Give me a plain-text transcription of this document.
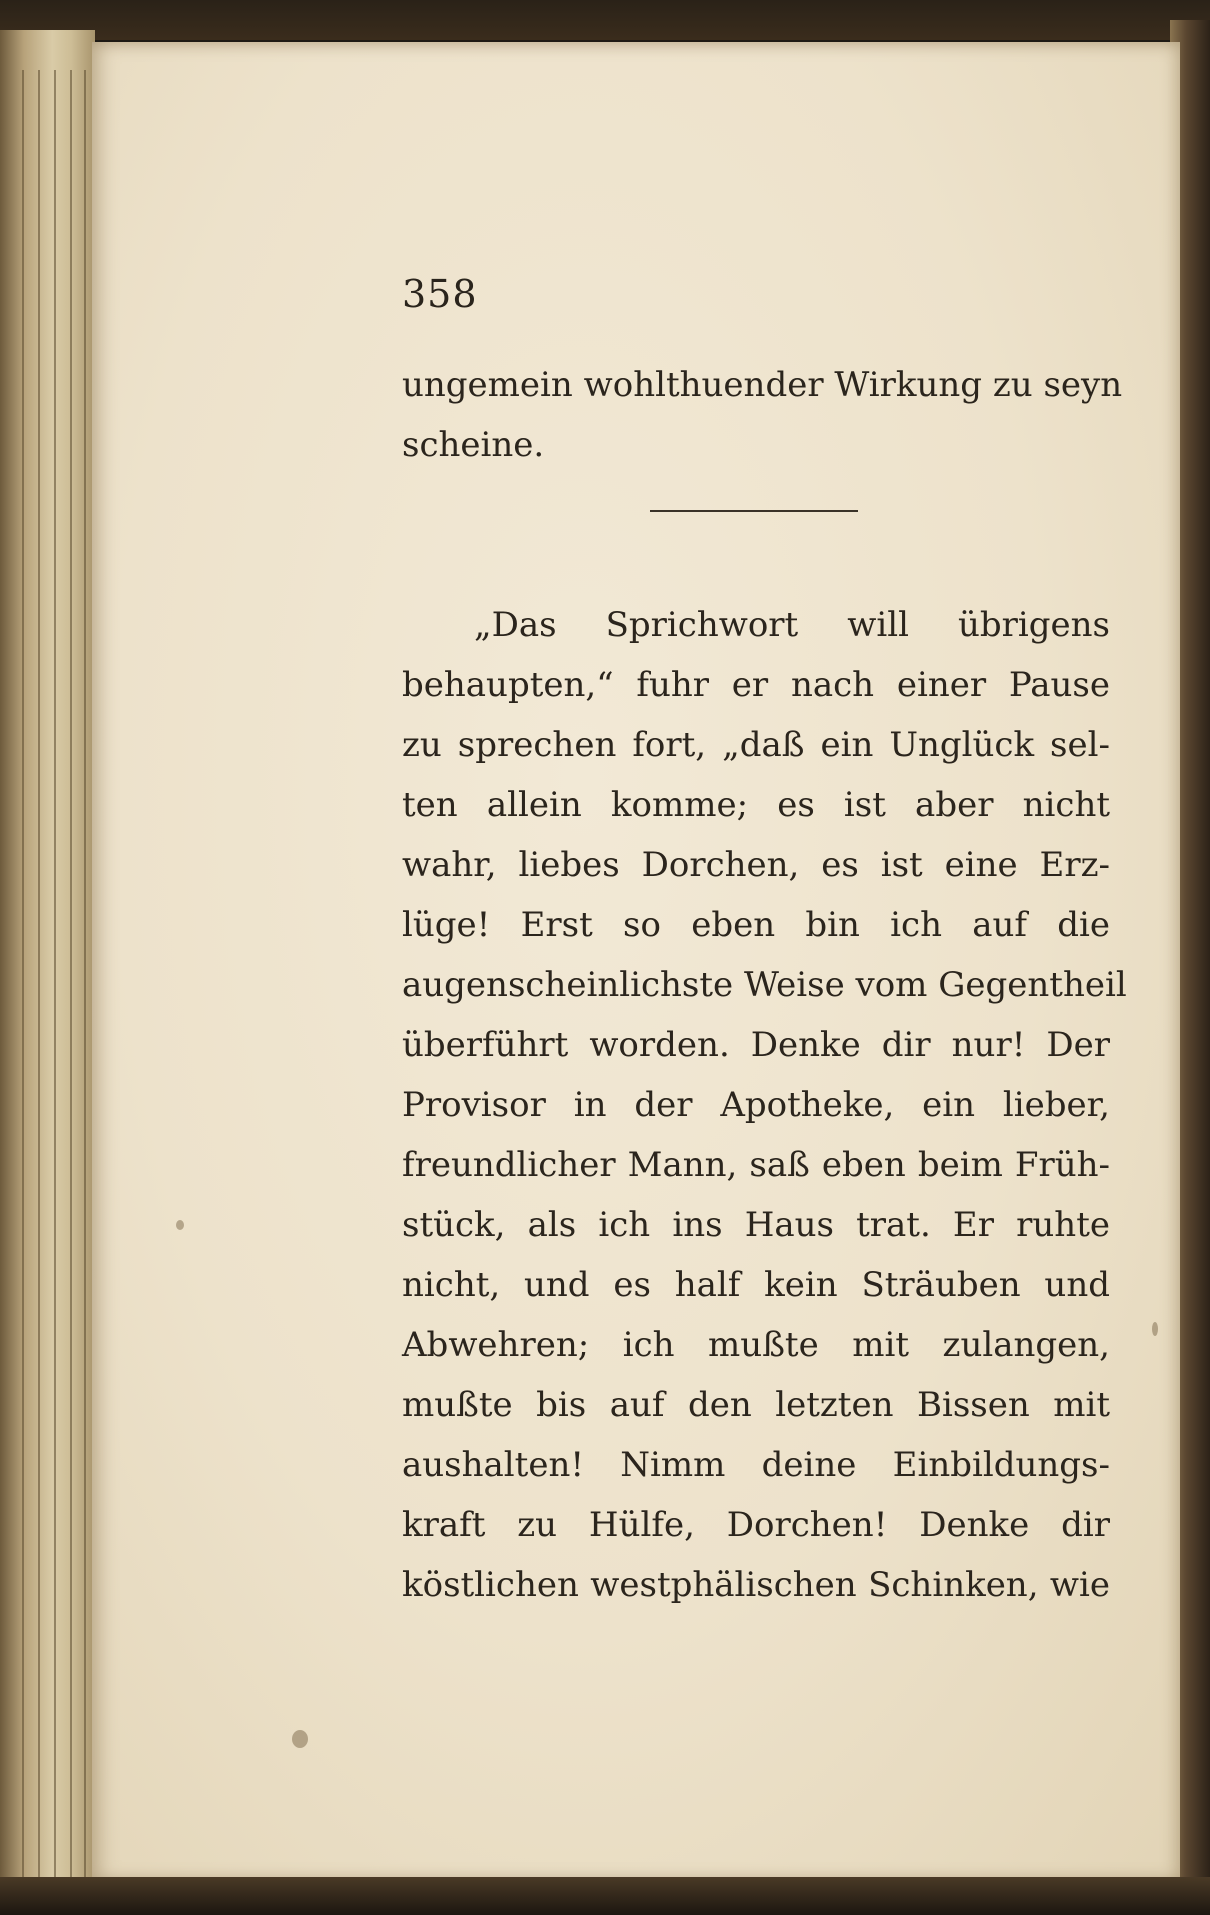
358
ungemein wohlthuender Wirkung zu seyn
scheine.
„Das Sprichwort will übrigens
behaupten,“ fuhr er nach einer Pause
zu sprechen fort, „daß ein Unglück sel-
ten allein komme; es ist aber nicht
wahr, liebes Dorchen, es ist eine Erz-
lüge! Erst so eben bin ich auf die
augenscheinlichste Weise vom Gegentheil
überführt worden. Denke dir nur! Der
Provisor in der Apotheke, ein lieber,
freundlicher Mann, saß eben beim Früh-
stück, als ich ins Haus trat. Er ruhte
nicht, und es half kein Sträuben und
Abwehren; ich mußte mit zulangen,
mußte bis auf den letzten Bissen mit
aushalten! Nimm deine Einbildungs-
kraft zu Hülfe, Dorchen! Denke dir
köstlichen westphälischen Schinken, wie
